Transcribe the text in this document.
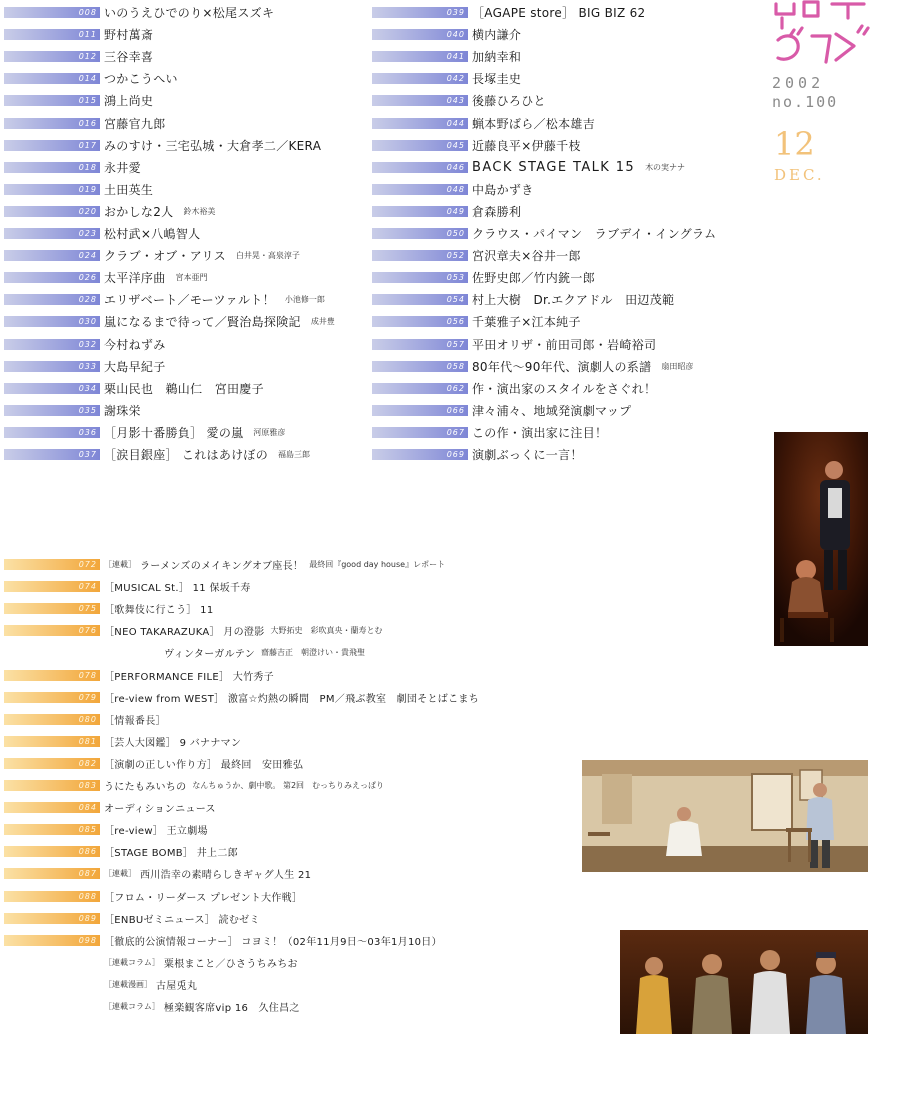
008 いのうえひでのり×松尾スズキ
011 野村萬斎
012 三谷幸喜
014 つかこうへい
015 鴻上尚史
016 宮藤官九郎
017 みのすけ・三宅弘城・大倉孝二／KERA
018 永井愛
019 土田英生
020 おかしな2人 鈴木裕美
023 松村武×八嶋智人
024 クラブ・オブ・アリス 白井晃・高泉淳子
026 太平洋序曲 宮本亜門
028 エリザベート／モーツァルト！ 小池修一郎
030 嵐になるまで待って／賢治島探険記 成井豊
032 今村ねずみ
033 大島早紀子
034 栗山民也　鵜山仁　宮田慶子
035 謝珠栄
036 ［月影十番勝負］ 愛の嵐 河原雅彦
037 ［涙目銀座］ これはあけぼの 福島三郎
039 ［AGAPE store］ BIG BIZ 62
040 横内謙介
041 加納幸和
042 長塚圭史
043 後藤ひろひと
044 蝋本野ばら／松本雄吉
045 近藤良平×伊藤千枝
046 BACK STAGE TALK 15 木の実ナナ
048 中島かずき
049 倉森勝利
050 クラウス・パイマン　ラブデイ・イングラム
052 宮沢章夫×谷井一郎
053 佐野史郎／竹内銃一郎
054 村上大樹　Dr.エクアドル　田辺茂範
056 千葉雅子×江本純子
057 平田オリザ・前田司郎・岩崎裕司
058 80年代～90年代、演劇人の系譜 扇田昭彦
062 作・演出家のスタイルをさぐれ！
066 津々浦々、地域発演劇マップ
067 この作・演出家に注目！
069 演劇ぶっくに一言！
072 ［連載］ ラーメンズのメイキングオブ座長！ 最終回『good day house』レポート
074 ［MUSICAL St.］ 11 保坂千寿
075 ［歌舞伎に行こう］ 11
076 ［NEO TAKARAZUKA］ 月の澄影 大野拓史　彩吹真央・蘭寿とむ
ヴィンターガルテン 齋藤吉正　朝澄けい・貴飛聖
078 ［PERFORMANCE FILE］ 大竹秀子
079 ［re-view from WEST］ 激富☆灼熱の瞬間　PM／飛ぶ教室　劇団そとばこまち
080 ［情報番長］
081 ［芸人大図鑑］ 9 バナナマン
082 ［演劇の正しい作り方］ 最終回　安田雅弘
083 うにたもみいちの なんちゅうか、劇中歌。 第2回　むっちりみえっぱり
084 オーディションニュース
085 ［re-view］ 王立劇場
086 ［STAGE BOMB］ 井上二郎
087 ［連載］ 西川浩幸の素晴らしきギャグ人生 21
088 ［フロム・リーダース プレゼント大作戦］
089 ［ENBUゼミニュース］ 読むゼミ
098 ［徹底的公演情報コーナー］ コヨミ！（02年11月9日～03年1月10日）
［連載コラム］ 粟根まこと／ひさうちみちお
［連載漫画］ 古屋兎丸
［連載コラム］ 極楽観客席vip 16　久住昌之
2002
no.100
12
DEC.
